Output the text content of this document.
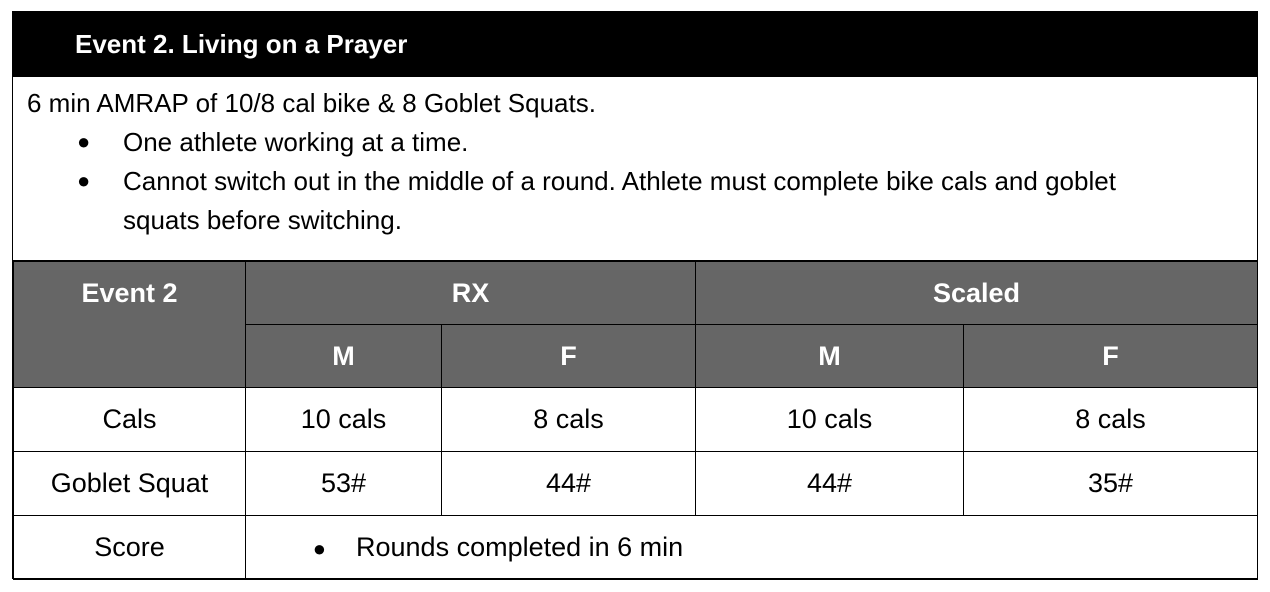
Event 2. Living on a Prayer
6 min AMRAP of 10/8 cal bike & 8 Goblet Squats.
● One athlete working at a time.
● Cannot switch out in the middle of a round. Athlete must complete bike cals and goblet
squats before switching.
Event 2	RX		Scaled	
	M	F	M	F
Cals	10 cals	8 cals	10 cals	8 cals
Goblet Squat	53#	44#	44#	35#
Score	● Rounds completed in 6 min			
